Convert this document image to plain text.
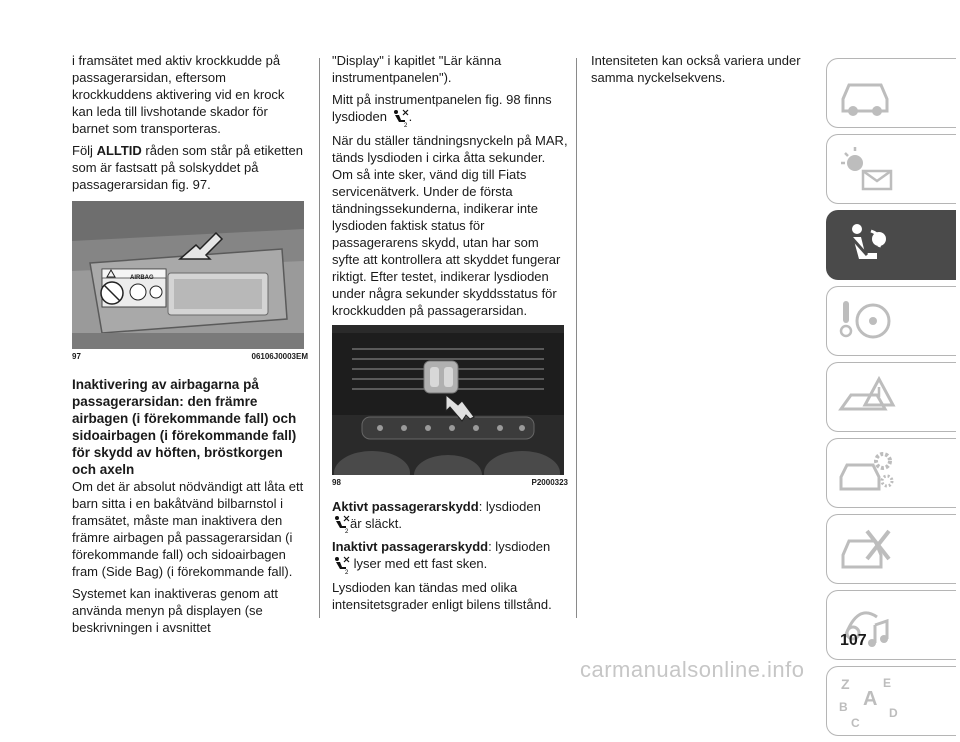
i framsätet med aktiv krockkudde på passagerarsidan, eftersom krockkuddens aktivering vid en krock kan leda till livshotande skador för barnet som transporteras.

Följ ALLTID råden som står på etiketten som är fastsatt på solskyddet på passagerarsidan fig. 97.

AIRBAG
97	06106J0003EM
Inaktivering av airbagarna på passagerarsidan: den främre airbagen (i förekommande fall) och sidoairbagen (i förekommande fall) för skydd av höften, bröstkorgen och axeln

Om det är absolut nödvändigt att låta ett barn sitta i en bakåtvänd bilbarnstol i framsätet, måste man inaktivera den främre airbagen på passagerarsidan (i förekommande fall) och sidoairbagen fram (Side Bag) (i förekommande fall).

Systemet kan inaktiveras genom att använda menyn på displayen (se beskrivningen i avsnittet

"Display" i kapitlet "Lär känna instrumentpanelen").

Mitt på instrumentpanelen fig. 98 finns lysdioden
2
.

När du ställer tändningsnyckeln på MAR, tänds lysdioden i cirka åtta sekunder. Om så inte sker, vänd dig till Fiats servicenätverk. Under de första tändningssekunderna, indikerar inte lysdioden faktisk status för passagerarens skydd, utan har som syfte att kontrollera att skyddet fungerar riktigt. Efter testet, indikerar lysdioden under några sekunder skyddsstatus för krockkudden på passagerarsidan.

98	P2000323

Aktivt passagerarskydd: lysdioden

2
är släckt.

Inaktivt passagerarskydd: lysdioden

2
lyser med ett fast sken.

Lysdioden kan tändas med olika intensitetsgrader enligt bilens tillstånd.

Intensiteten kan också variera under samma nyckelsekvens.

Z	E
B A
C
D
107
carmanualsonline.info
